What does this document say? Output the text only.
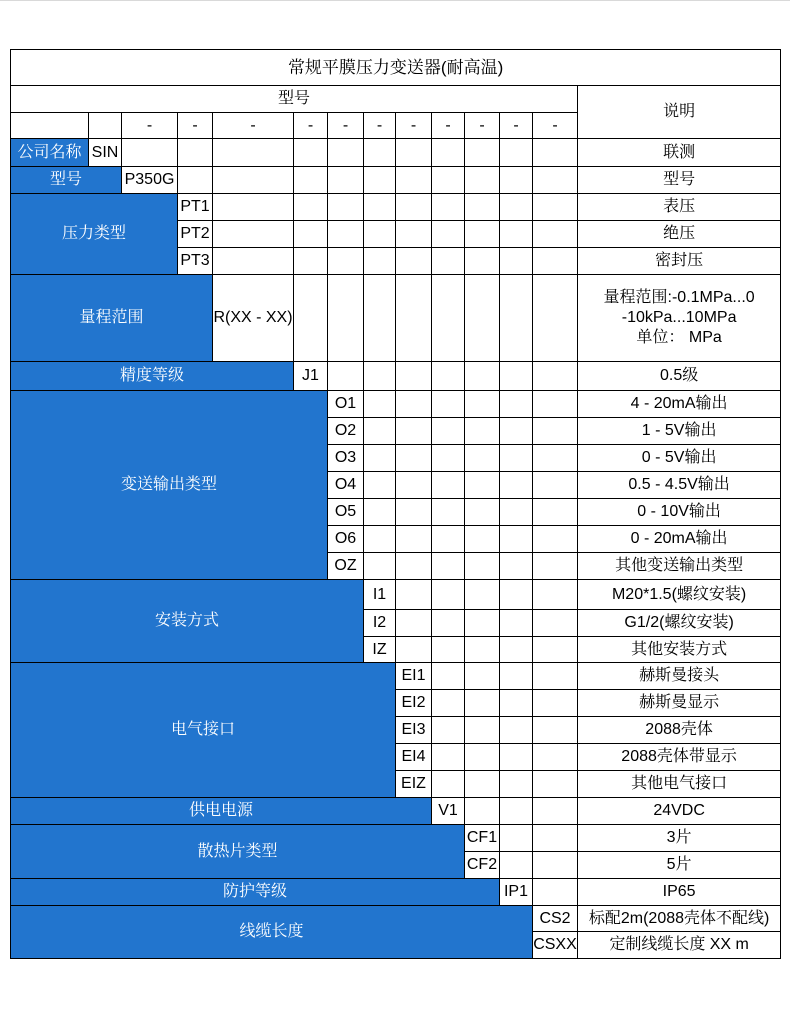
常规平膜压力变送器(耐高温)													
型号													说明
		-	-	-	-	-	-	-	-	-	-	-	
公司名称	SIN												联测
型号		P350G											型号
压力类型			PT1										表压
			PT2										绝压
			PT3										密封压
量程范围				R(XX - XX)									量程范围:-0.1MPa...0
-10kPa...10MPa
单位： MPa

精度等级					J1								0.5级
变送输出类型						O1							4 - 20mA输出
						O2							1 - 5V输出
						O3							0 - 5V输出
						O4							0.5 - 4.5V输出
						O5							0 - 10V输出
						O6							0 - 20mA输出
						OZ							其他变送输出类型
安装方式							I1						M20*1.5(螺纹安装)
							I2						G1/2(螺纹安装)
							IZ						其他安装方式
电气接口								EI1					赫斯曼接头
								EI2					赫斯曼显示
								EI3					2088壳体
								EI4					2088壳体带显示
								EIZ					其他电气接口
供电电源									V1				24VDC
散热片类型										CF1			3片
										CF2			5片
防护等级											IP1		IP65
线缆长度												CS2	标配2m(2088壳体不配线)
												CSXX	定制线缆长度 XX m
